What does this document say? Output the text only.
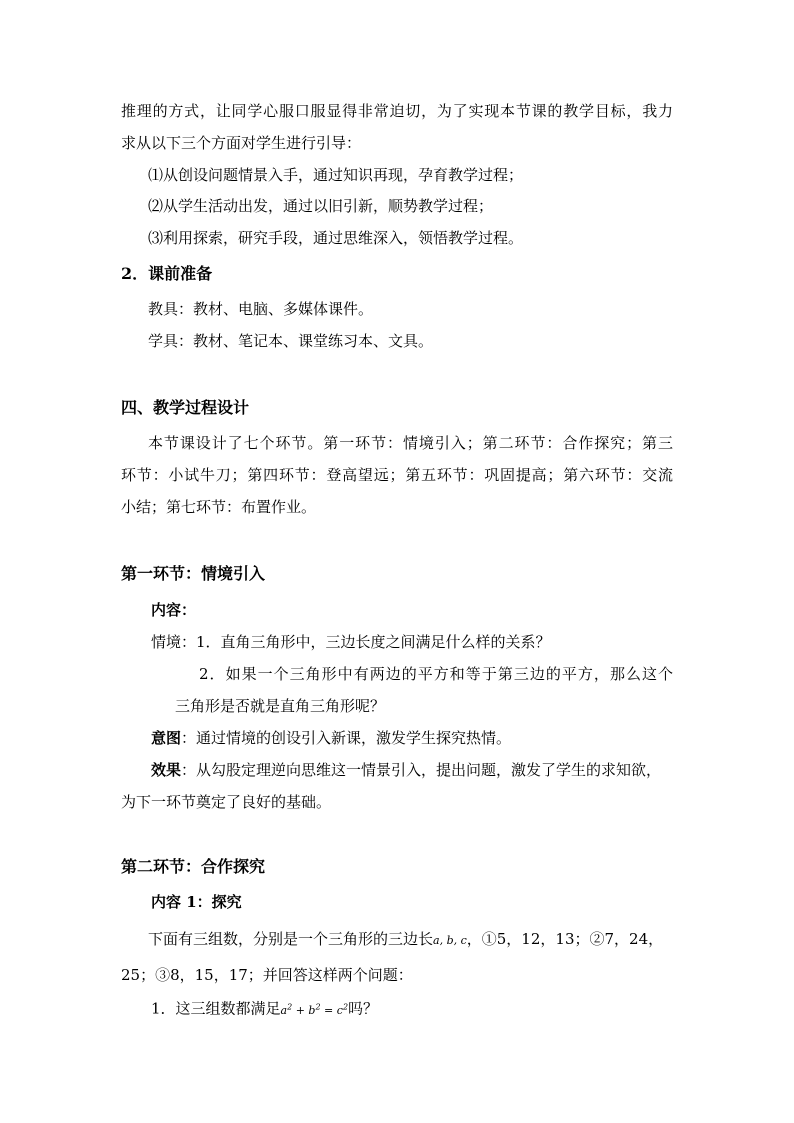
推理的方式，让同学心服口服显得非常迫切，为了实现本节课的教学目标，我力
求从以下三个方面对学生进行引导：
⑴从创设问题情景入手，通过知识再现，孕育教学过程；
⑵从学生活动出发，通过以旧引新，顺势教学过程；
⑶利用探索，研究手段，通过思维深入，领悟教学过程。
2．课前准备
教具：教材、电脑、多媒体课件。
学具：教材、笔记本、课堂练习本、文具。
四、教学过程设计
本节课设计了七个环节。第一环节：情境引入；第二环节：合作探究；第三
环节：小试牛刀；第四环节：登高望远；第五环节：巩固提高；第六环节：交流
小结；第七环节：布置作业。
第一环节：情境引入
内容：
情境：1．直角三角形中，三边长度之间满足什么样的关系？
2．如果一个三角形中有两边的平方和等于第三边的平方，那么这个
三角形是否就是直角三角形呢？
意图：通过情境的创设引入新课，激发学生探究热情。
效果：从勾股定理逆向思维这一情景引入，提出问题，激发了学生的求知欲，
为下一环节奠定了良好的基础。
第二环节：合作探究
内容 1：探究
下面有三组数，分别是一个三角形的三边长a, b, c，①5，12，13；②7，24，
25；③8，15，17；并回答这样两个问题：
1．这三组数都满足$a^2 + b^2 = c^2$吗？
